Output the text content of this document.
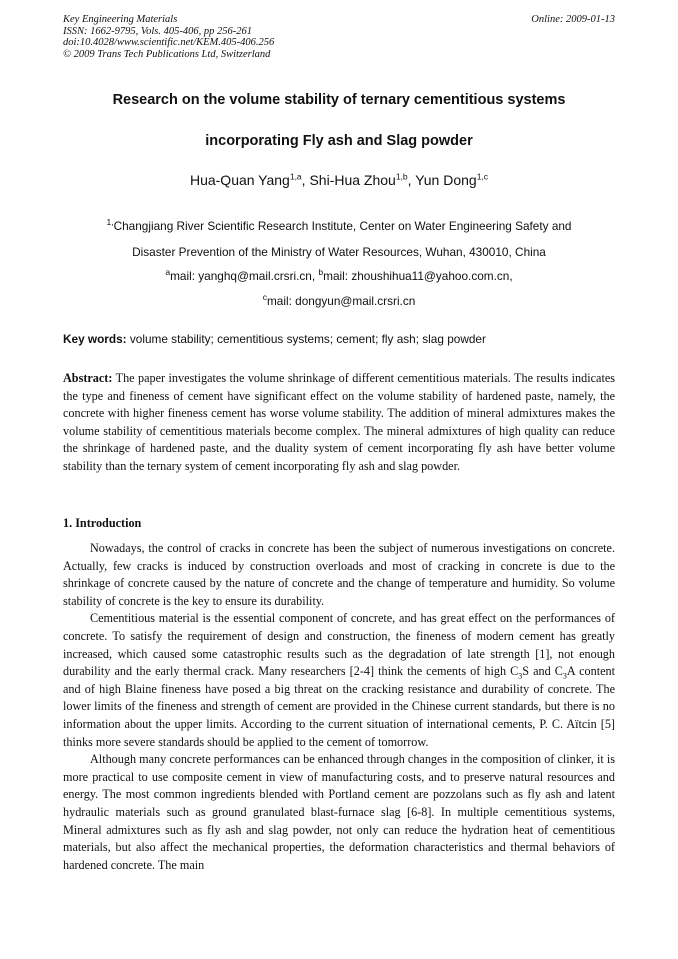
Key Engineering Materials
ISSN: 1662-9795, Vols. 405-406, pp 256-261
doi:10.4028/www.scientific.net/KEM.405-406.256
© 2009 Trans Tech Publications Ltd, Switzerland
Online: 2009-01-13
Research on the volume stability of ternary cementitious systems
incorporating Fly ash and Slag powder
Hua-Quan Yang$^{1,a}$, Shi-Hua Zhou$^{1,b}$, Yun Dong$^{1,c}$
$^{1,}$Changjiang River Scientific Research Institute, Center on Water Engineering Safety and
Disaster Prevention of the Ministry of Water Resources, Wuhan, 430010, China
$^a$mail: yanghq@mail.crsri.cn, $^b$mail: zhoushihua11@yahoo.com.cn,
$^c$mail: dongyun@mail.crsri.cn
Key words: volume stability; cementitious systems; cement; fly ash; slag powder
Abstract: The paper investigates the volume shrinkage of different cementitious materials. The results indicates the type and fineness of cement have significant effect on the volume stability of hardened paste, namely, the concrete with higher fineness cement has worse volume stability. The addition of mineral admixtures makes the volume stability of cementitious materials become complex. The mineral admixtures of high quality can reduce the shrinkage of hardened paste, and the duality system of cement incorporating fly ash have better volume stability than the ternary system of cement incorporating fly ash and slag powder.
1. Introduction

Nowadays, the control of cracks in concrete has been the subject of numerous investigations on concrete. Actually, few cracks is induced by construction overloads and most of cracking in concrete is due to the shrinkage of concrete caused by the nature of concrete and the change of temperature and humidity. So volume stability of concrete is the key to ensure its durability.

Cementitious material is the essential component of concrete, and has great effect on the performances of concrete. To satisfy the requirement of design and construction, the fineness of modern cement has greatly increased, which caused some catastrophic results such as the degradation of late strength [1], not enough durability and the early thermal crack. Many researchers [2-4] think the cements of high $C_3S$ and $C_3A$ content and of high Blaine fineness have posed a big threat on the cracking resistance and durability of concrete. The lower limits of the fineness and strength of cement are provided in the Chinese current standards, but there is no information about the upper limits. According to the current situation of international cements, P. C. Aïtcin [5] thinks more severe standards should be applied to the cement of tomorrow.

Although many concrete performances can be enhanced through changes in the composition of clinker, it is more practical to use composite cement in view of manufacturing costs, and to preserve natural resources and energy. The most common ingredients blended with Portland cement are pozzolans such as fly ash and latent hydraulic materials such as ground granulated blast-furnace slag [6-8]. In multiple cementitious systems, Mineral admixtures such as fly ash and slag powder, not only can reduce the hydration heat of cementitious materials, but also affect the mechanical properties, the deformation characteristics and thermal behaviors of hardened concrete. The main
